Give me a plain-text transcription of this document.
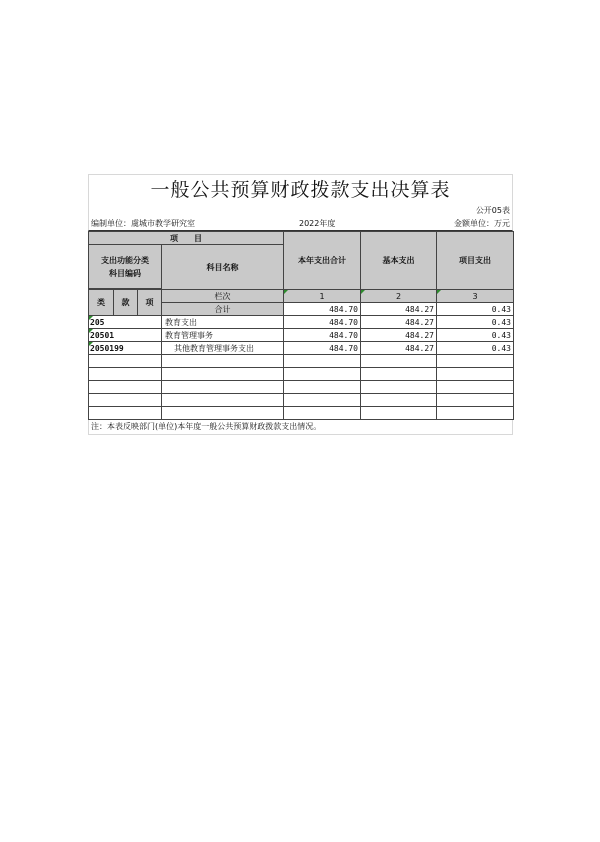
一般公共预算财政拨款支出决算表
公开05表
编制单位：虞城市教学研究室	2022年度	金额单位：万元
项　　目				本年支出合计	基本支出	项目支出

支出功能分类
科目编码			科目名称			

类	款	项	栏次	1	2	3
			合计	484.70	484.27	0.43
205			教育支出	484.70	484.27	0.43
20501			教育管理事务	484.70	484.27	0.43
2050199			其他教育管理事务支出	484.70	484.27	0.43

注：本表反映部门(单位)本年度一般公共预算财政拨款支出情况。
